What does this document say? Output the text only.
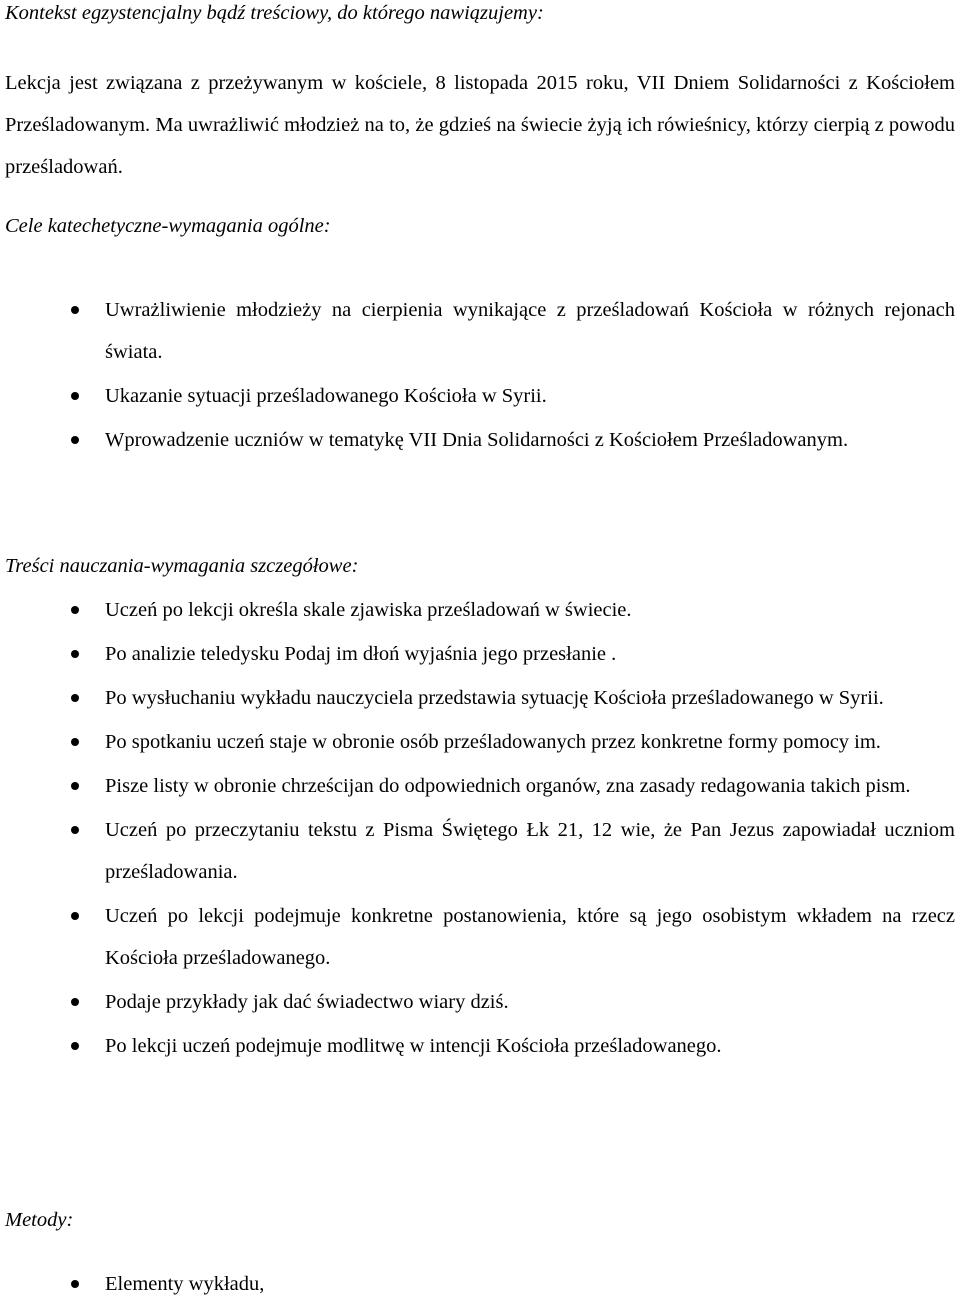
Kontekst egzystencjalny bądź treściowy, do którego nawiązujemy:

Lekcja jest związana z przeżywanym w kościele, 8 listopada 2015 roku, VII Dniem Solidarności z Kościołem Prześladowanym. Ma uwrażliwić młodzież na to, że gdzieś na świecie żyją ich rówieśnicy, którzy cierpią z powodu prześladowań.

Cele katechetyczne-wymagania ogólne:
Uwrażliwienie młodzieży na cierpienia wynikające z prześladowań Kościoła w różnych rejonach świata.
Ukazanie sytuacji prześladowanego Kościoła w Syrii.
Wprowadzenie uczniów w tematykę VII Dnia Solidarności z Kościołem Prześladowanym.
Treści nauczania-wymagania szczegółowe:
Uczeń po lekcji określa skale zjawiska prześladowań w świecie.
Po analizie teledysku Podaj im dłoń wyjaśnia jego przesłanie .
Po wysłuchaniu wykładu nauczyciela przedstawia sytuację Kościoła prześladowanego w Syrii.
Po spotkaniu uczeń staje w obronie osób prześladowanych przez konkretne formy pomocy im.
Pisze listy w obronie chrześcijan do odpowiednich organów, zna zasady redagowania takich pism.
Uczeń po przeczytaniu tekstu z Pisma Świętego Łk 21, 12 wie, że Pan Jezus zapowiadał uczniom prześladowania.
Uczeń po lekcji podejmuje konkretne postanowienia, które są jego osobistym wkładem na rzecz Kościoła prześladowanego.
Podaje przykłady jak dać świadectwo wiary dziś.
Po lekcji uczeń podejmuje modlitwę w intencji Kościoła prześladowanego.
Metody:
Elementy wykładu,
